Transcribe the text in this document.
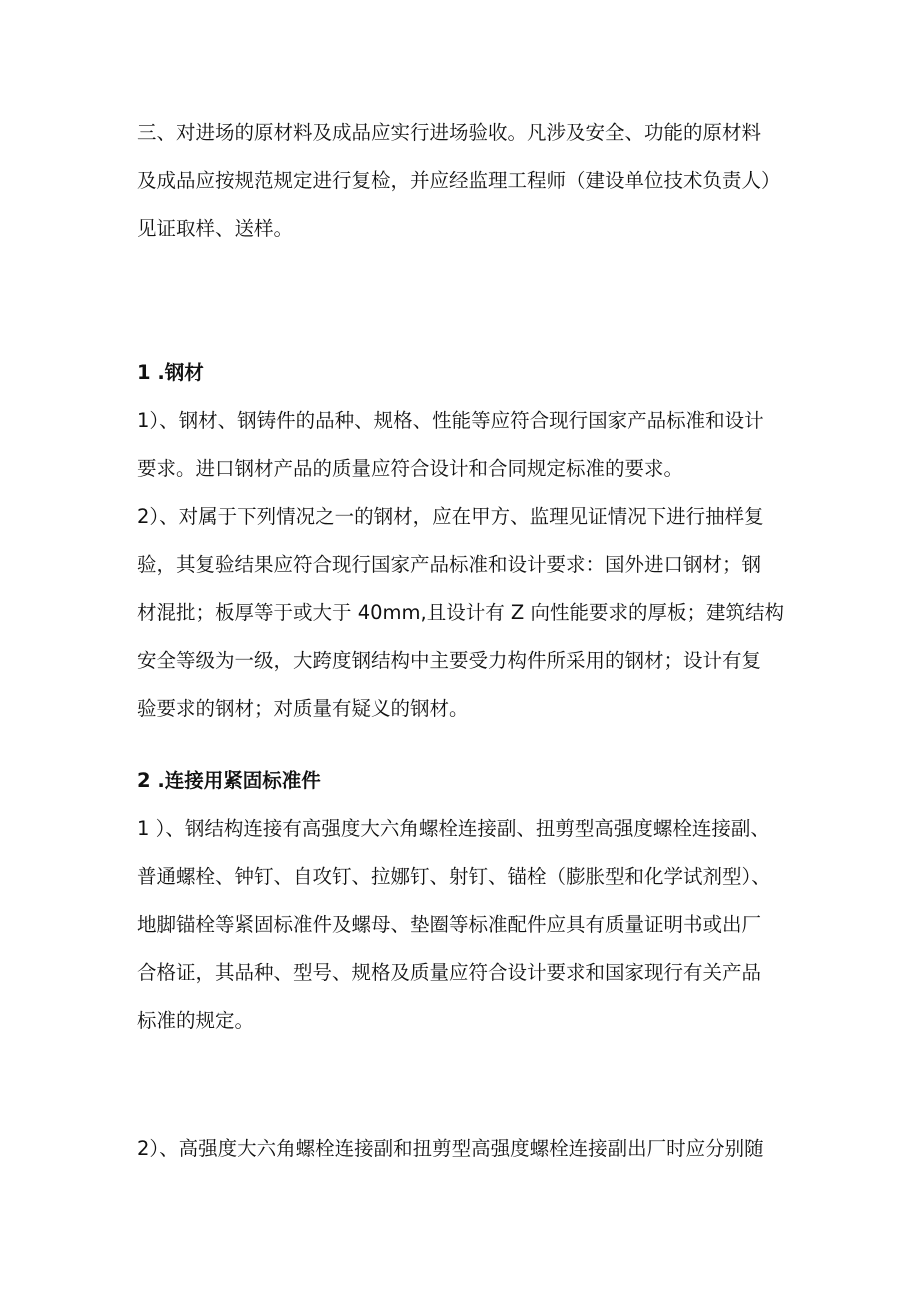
三、对进场的原材料及成品应实行进场验收。凡涉及安全、功能的原材料
及成品应按规范规定进行复检，并应经监理工程师（建设单位技术负责人）
见证取样、送样。
1 .钢材
1）、钢材、钢铸件的品种、规格、性能等应符合现行国家产品标准和设计
要求。进口钢材产品的质量应符合设计和合同规定标准的要求。
2）、对属于下列情况之一的钢材，应在甲方、监理见证情况下进行抽样复
验，其复验结果应符合现行国家产品标准和设计要求：国外进口钢材；钢
材混批；板厚等于或大于 40mm,且设计有 Z 向性能要求的厚板；建筑结构
安全等级为一级，大跨度钢结构中主要受力构件所采用的钢材；设计有复
验要求的钢材；对质量有疑义的钢材。
2 .连接用紧固标准件
1 ）、钢结构连接有高强度大六角螺栓连接副、扭剪型高强度螺栓连接副、
普通螺栓、钟钉、自攻钉、拉娜钉、射钉、锚栓（膨胀型和化学试剂型）、
地脚锚栓等紧固标准件及螺母、垫圈等标准配件应具有质量证明书或出厂
合格证，其品种、型号、规格及质量应符合设计要求和国家现行有关产品
标准的规定。
2）、高强度大六角螺栓连接副和扭剪型高强度螺栓连接副出厂时应分别随
